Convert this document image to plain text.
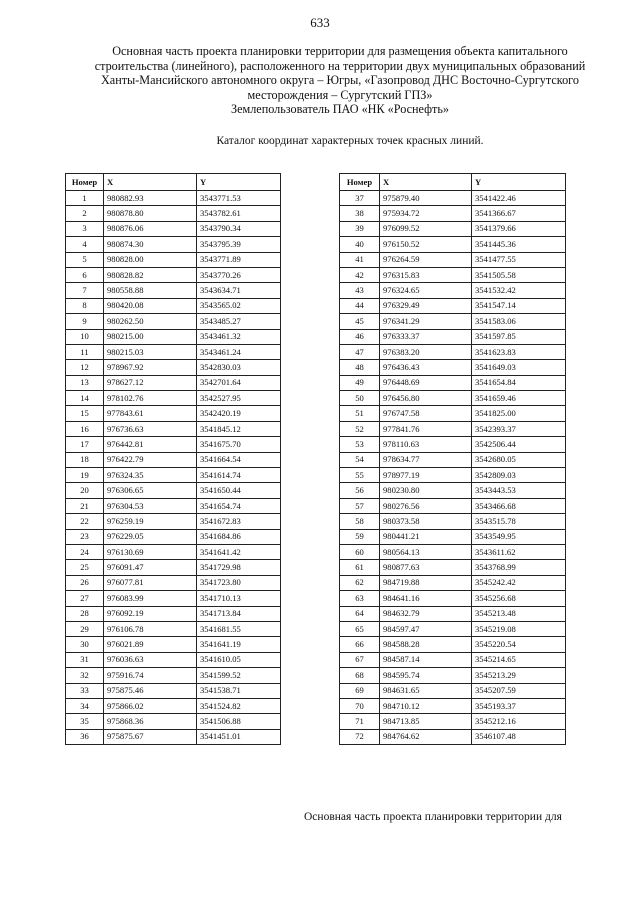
633
Основная часть проекта планировки территории для размещения объекта капитального
строительства (линейного), расположенного на территории двух муниципальных образований
Ханты-Мансийского автономного округа – Югры, «Газопровод ДНС Восточно-Сургутского
месторождения – Сургутский ГПЗ»
Землепользователь ПАО «НК «Роснефть»
Каталог координат характерных точек красных линий.
Номер	X	Y
1	980882.93	3543771.53
2	980878.80	3543782.61
3	980876.06	3543790.34
4	980874.30	3543795.39
5	980828.00	3543771.89
6	980828.82	3543770.26
7	980558.88	3543634.71
8	980420.08	3543565.02
9	980262.50	3543485.27
10	980215.00	3543461.32
11	980215.03	3543461.24
12	978967.92	3542830.03
13	978627.12	3542701.64
14	978102.76	3542527.95
15	977843.61	3542420.19
16	976736.63	3541845.12
17	976442.81	3541675.70
18	976422.79	3541664.54
19	976324.35	3541614.74
20	976306.65	3541650.44
21	976304.53	3541654.74
22	976259.19	3541672.83
23	976229.05	3541684.86
24	976130.69	3541641.42
25	976091.47	3541729.98
26	976077.81	3541723.80
27	976083.99	3541710.13
28	976092.19	3541713.84
29	976106.78	3541681.55
30	976021.89	3541641.19
31	976036.63	3541610.05
32	975916.74	3541599.52
33	975875.46	3541538.71
34	975866.02	3541524.82
35	975868.36	3541506.88
36	975875.67	3541451.01
Номер	X	Y
37	975879.40	3541422.46
38	975934.72	3541366.67
39	976099.52	3541379.66
40	976150.52	3541445.36
41	976264.59	3541477.55
42	976315.83	3541505.58
43	976324.65	3541532.42
44	976329.49	3541547.14
45	976341.29	3541583.06
46	976333.37	3541597.85
47	976383.20	3541623.83
48	976436.43	3541649.03
49	976448.69	3541654.84
50	976456.80	3541659.46
51	976747.58	3541825.00
52	977841.76	3542393.37
53	978110.63	3542506.44
54	978634.77	3542680.05
55	978977.19	3542809.03
56	980230.80	3543443.53
57	980276.56	3543466.68
58	980373.58	3543515.78
59	980441.21	3543549.95
60	980564.13	3543611.62
61	980877.63	3543768.99
62	984719.88	3545242.42
63	984641.16	3545256.68
64	984632.79	3545213.48
65	984597.47	3545219.08
66	984588.28	3545220.54
67	984587.14	3545214.65
68	984595.74	3545213.29
69	984631.65	3545207.59
70	984710.12	3545193.37
71	984713.85	3545212.16
72	984764.62	3546107.48
Основная часть проекта планировки территории для
